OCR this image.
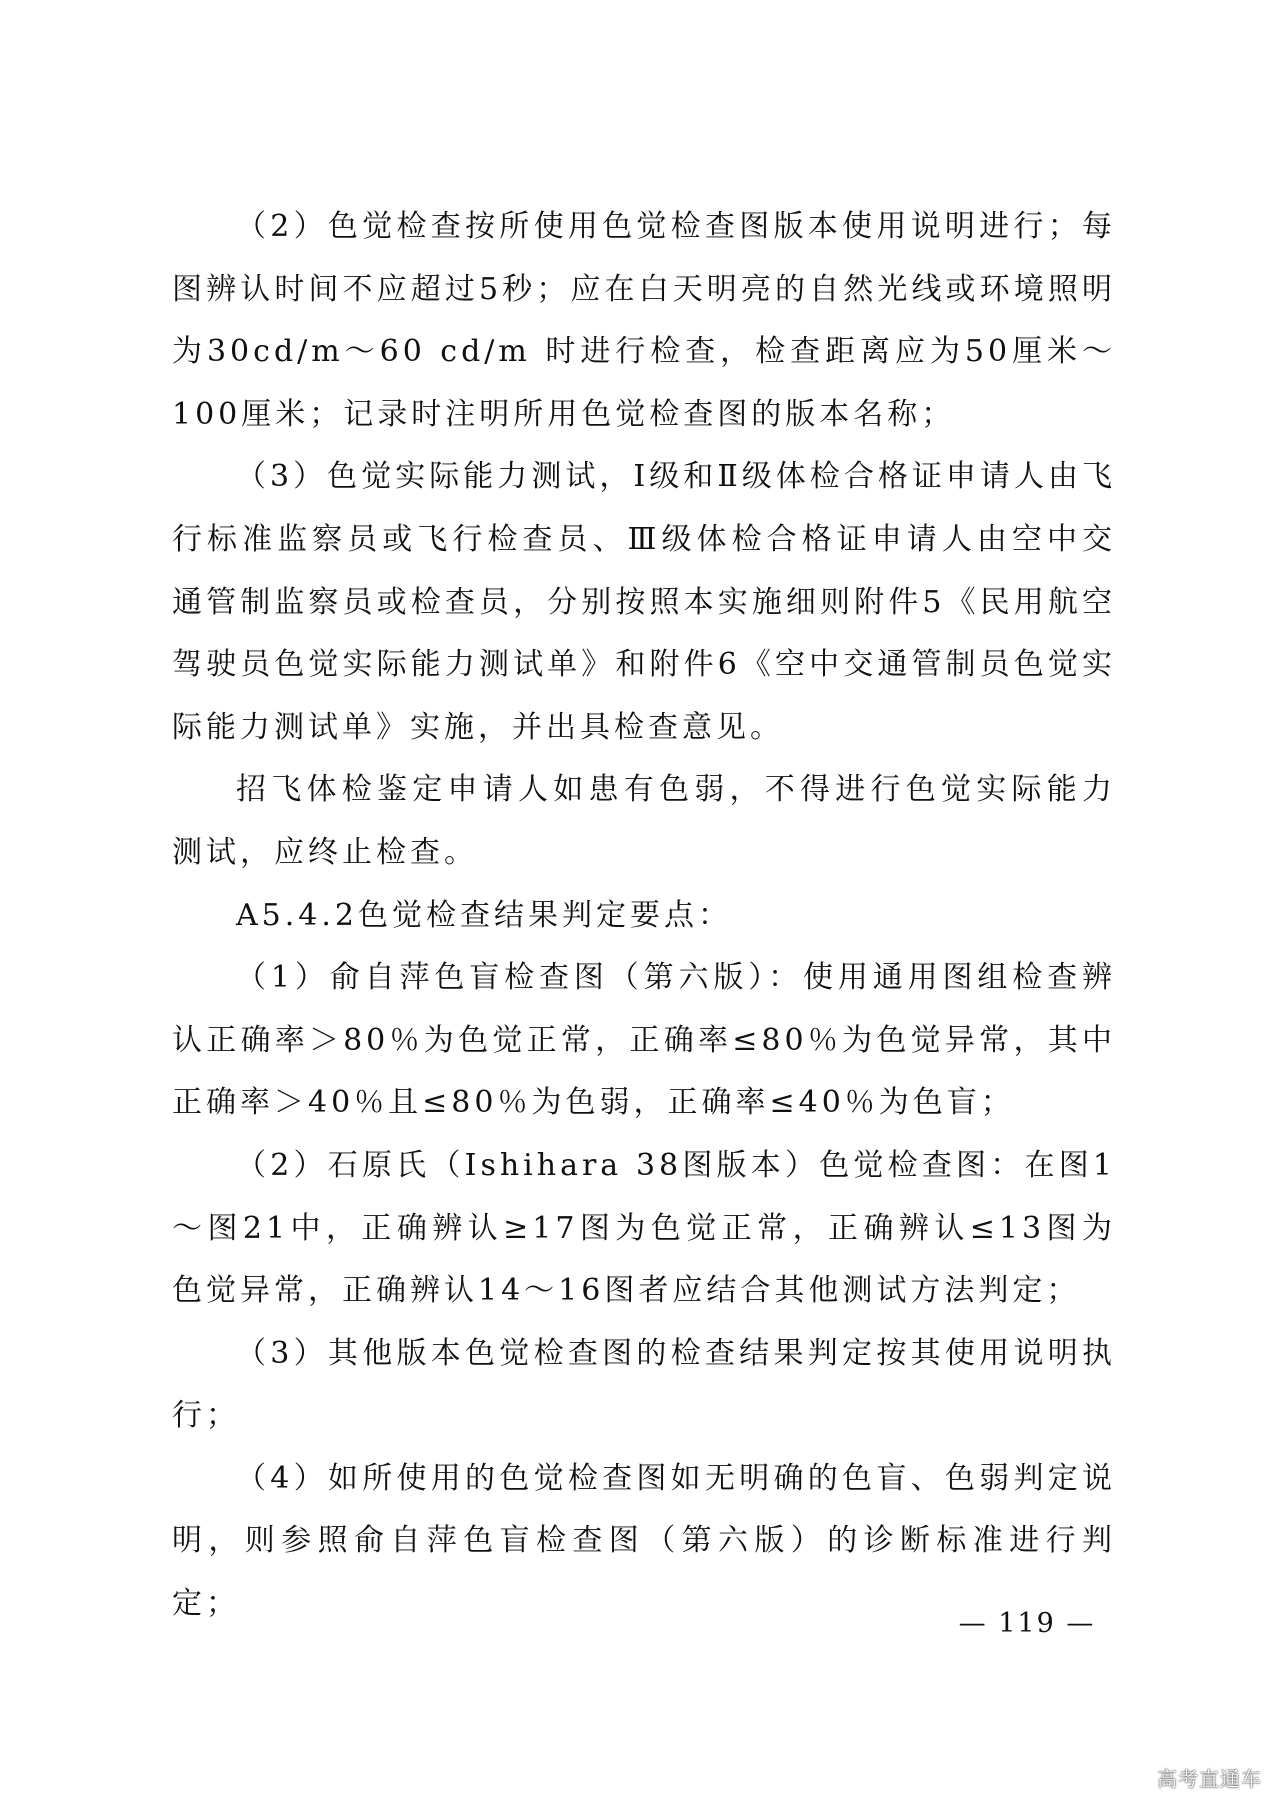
（2）色觉检查按所使用色觉检查图版本使用说明进行；每图辨认时间不应超过5秒；应在白天明亮的自然光线或环境照明为30cd/m～60 cd/m 时进行检查，检查距离应为50厘米～100厘米；记录时注明所用色觉检查图的版本名称；

（3）色觉实际能力测试，Ⅰ级和Ⅱ级体检合格证申请人由飞行标准监察员或飞行检查员、Ⅲ级体检合格证申请人由空中交通管制监察员或检查员，分别按照本实施细则附件5《民用航空驾驶员色觉实际能力测试单》和附件6《空中交通管制员色觉实际能力测试单》实施，并出具检查意见。

招飞体检鉴定申请人如患有色弱，不得进行色觉实际能力测试，应终止检查。

A5.4.2色觉检查结果判定要点：

（1）俞自萍色盲检查图（第六版）：使用通用图组检查辨认正确率＞80％为色觉正常，正确率≤80％为色觉异常，其中正确率＞40％且≤80％为色弱，正确率≤40％为色盲；

（2）石原氏（Ishihara 38图版本）色觉检查图：在图1～图21中，正确辨认≥17图为色觉正常，正确辨认≤13图为色觉异常，正确辨认14～16图者应结合其他测试方法判定；

（3）其他版本色觉检查图的检查结果判定按其使用说明执行；

（4）如所使用的色觉检查图如无明确的色盲、色弱判定说明，则参照俞自萍色盲检查图（第六版）的诊断标准进行判定；

— 119 —
高考直通车
